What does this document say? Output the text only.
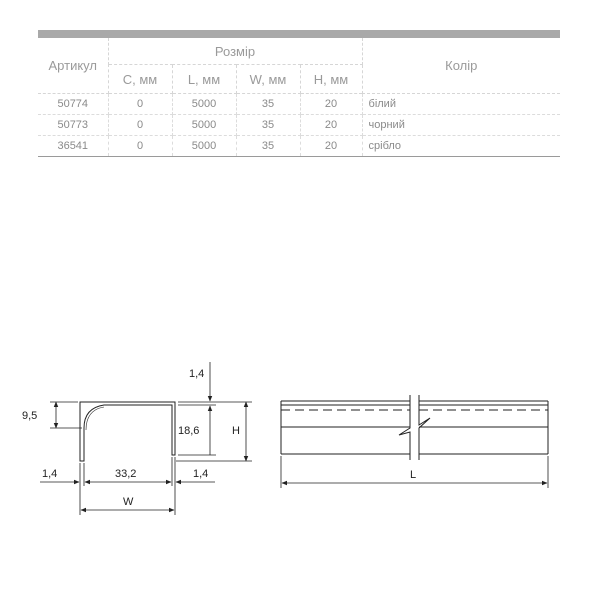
Артикул	Розмір				Колір
	C, мм	L, мм	W, мм	H, мм	
50774	0	5000	35	20	білий
50773	0	5000	35	20	чорний
36541	0	5000	35	20	срібло
9,5
1,4
18,6	H
1,4	33,2	1,4
W
L
